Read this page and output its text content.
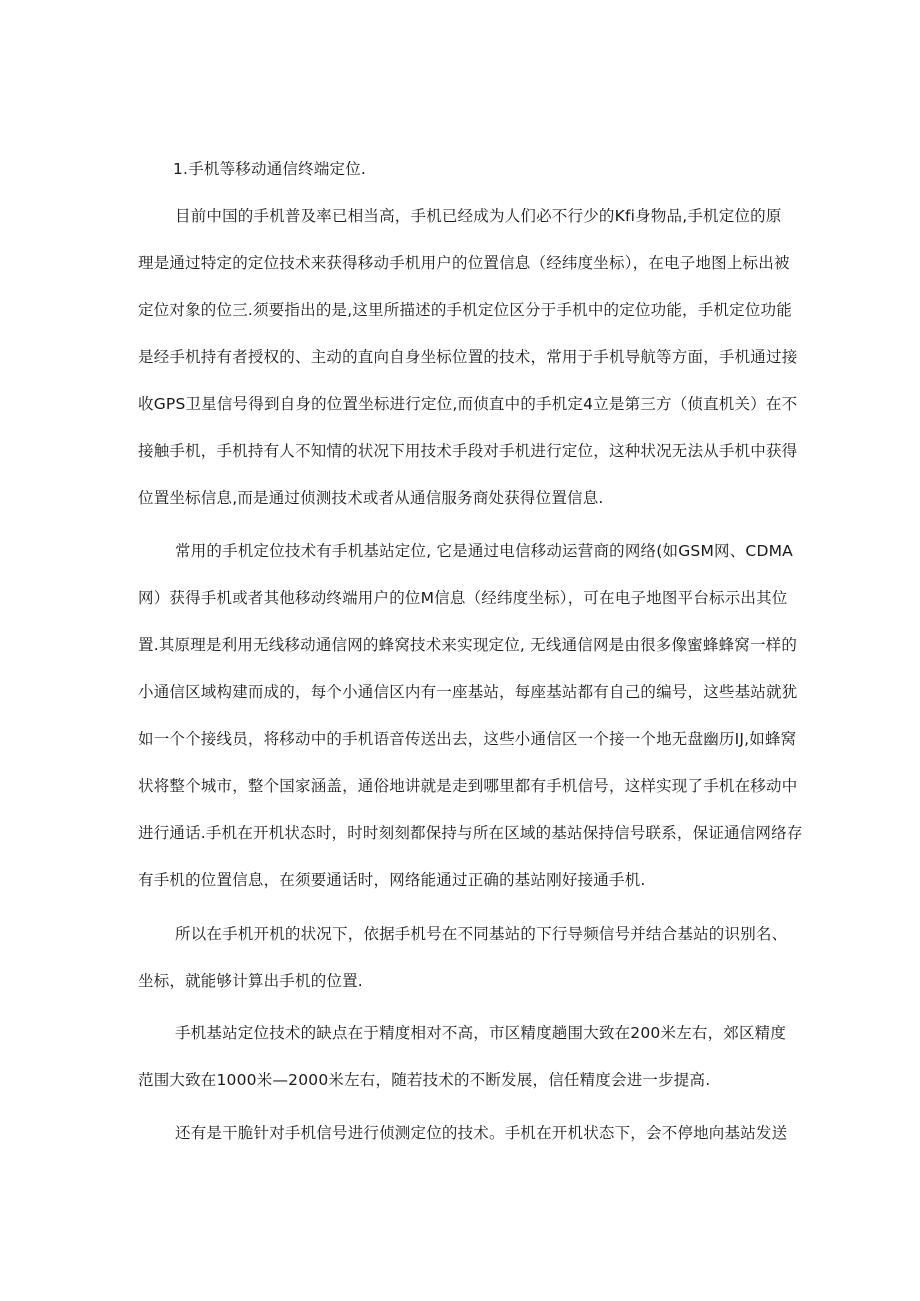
1.手机等移动通信终端定位.
目前中国的手机普及率已相当高，手机已经成为人们必不行少的Kfi身物品,手机定位的原
理是通过特定的定位技术来获得移动手机用户的位置信息（经纬度坐标），在电子地图上标出被
定位对象的位三.须要指出的是,这里所描述的手机定位区分于手机中的定位功能，手机定位功能
是经手机持有者授权的、主动的直向自身坐标位置的技术，常用于手机导航等方面，手机通过接
收GPS卫星信号得到自身的位置坐标进行定位,而侦直中的手机定4立是第三方（侦直机关）在不
接触手机，手机持有人不知情的状况下用技术手段对手机进行定位，这种状况无法从手机中获得
位置坐标信息,而是通过侦测技术或者从通信服务商处获得位置信息.
常用的手机定位技术有手机基站定位, 它是通过电信移动运营商的网络(如GSM网、CDMA
网）获得手机或者其他移动终端用户的位M信息（经纬度坐标），可在电子地图平台标示出其位
置.其原理是利用无线移动通信网的蜂窝技术来实现定位, 无线通信网是由很多像蜜蜂蜂窝一样的
小通信区域构建而成的，每个小通信区内有一座基站，每座基站都有自己的编号，这些基站就犹
如一个个接线员，将移动中的手机语音传送出去，这些小通信区一个接一个地无盘幽历IJ,如蜂窝
状将整个城市，整个国家涵盖，通俗地讲就是走到哪里都有手机信号，这样实现了手机在移动中
进行通话.手机在开机状态时，时时刻刻都保持与所在区域的基站保持信号联系，保证通信网络存
有手机的位置信息，在须要通话时，网络能通过正确的基站刚好接通手机.
所以在手机开机的状况下，依据手机号在不同基站的下行导频信号并结合基站的识别名、
坐标，就能够计算出手机的位置.
手机基站定位技术的缺点在于精度相对不高，市区精度趟围大致在200米左右，郊区精度
范围大致在1000米—2000米左右，随若技术的不断发展，信任精度会进一步提高.
还有是干脆针对手机信号进行侦测定位的技术。手机在开机状态下，会不停地向基站发送
